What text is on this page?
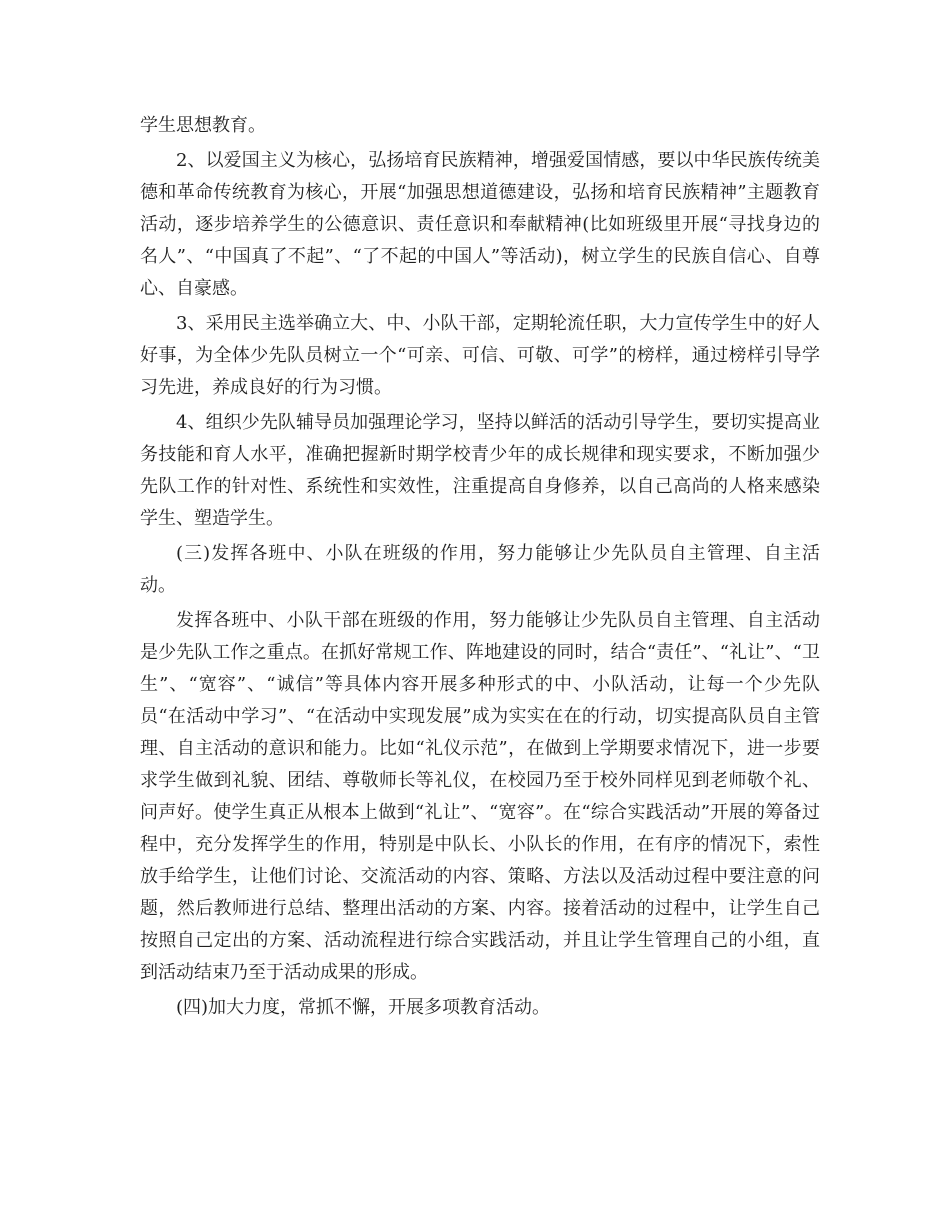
学生思想教育。

2、以爱国主义为核心，弘扬培育民族精神，增强爱国情感，要以中华民族传统美德和革命传统教育为核心，开展“加强思想道德建设，弘扬和培育民族精神”主题教育活动，逐步培养学生的公德意识、责任意识和奉献精神(比如班级里开展“寻找身边的名人”、“中国真了不起”、“了不起的中国人”等活动)，树立学生的民族自信心、自尊心、自豪感。

3、采用民主选举确立大、中、小队干部，定期轮流任职，大力宣传学生中的好人好事，为全体少先队员树立一个“可亲、可信、可敬、可学”的榜样，通过榜样引导学习先进，养成良好的行为习惯。

4、组织少先队辅导员加强理论学习，坚持以鲜活的活动引导学生，要切实提高业务技能和育人水平，准确把握新时期学校青少年的成长规律和现实要求，不断加强少先队工作的针对性、系统性和实效性，注重提高自身修养，以自己高尚的人格来感染学生、塑造学生。

(三)发挥各班中、小队在班级的作用，努力能够让少先队员自主管理、自主活动。

发挥各班中、小队干部在班级的作用，努力能够让少先队员自主管理、自主活动是少先队工作之重点。在抓好常规工作、阵地建设的同时，结合“责任”、“礼让”、“卫生”、“宽容”、“诚信”等具体内容开展多种形式的中、小队活动，让每一个少先队员“在活动中学习”、“在活动中实现发展”成为实实在在的行动，切实提高队员自主管理、自主活动的意识和能力。比如“礼仪示范”，在做到上学期要求情况下，进一步要求学生做到礼貌、团结、尊敬师长等礼仪，在校园乃至于校外同样见到老师敬个礼、问声好。使学生真正从根本上做到“礼让”、“宽容”。在“综合实践活动”开展的筹备过程中，充分发挥学生的作用，特别是中队长、小队长的作用，在有序的情况下，索性放手给学生，让他们讨论、交流活动的内容、策略、方法以及活动过程中要注意的问题，然后教师进行总结、整理出活动的方案、内容。接着活动的过程中，让学生自己按照自己定出的方案、活动流程进行综合实践活动，并且让学生管理自己的小组，直到活动结束乃至于活动成果的形成。

(四)加大力度，常抓不懈，开展多项教育活动。
